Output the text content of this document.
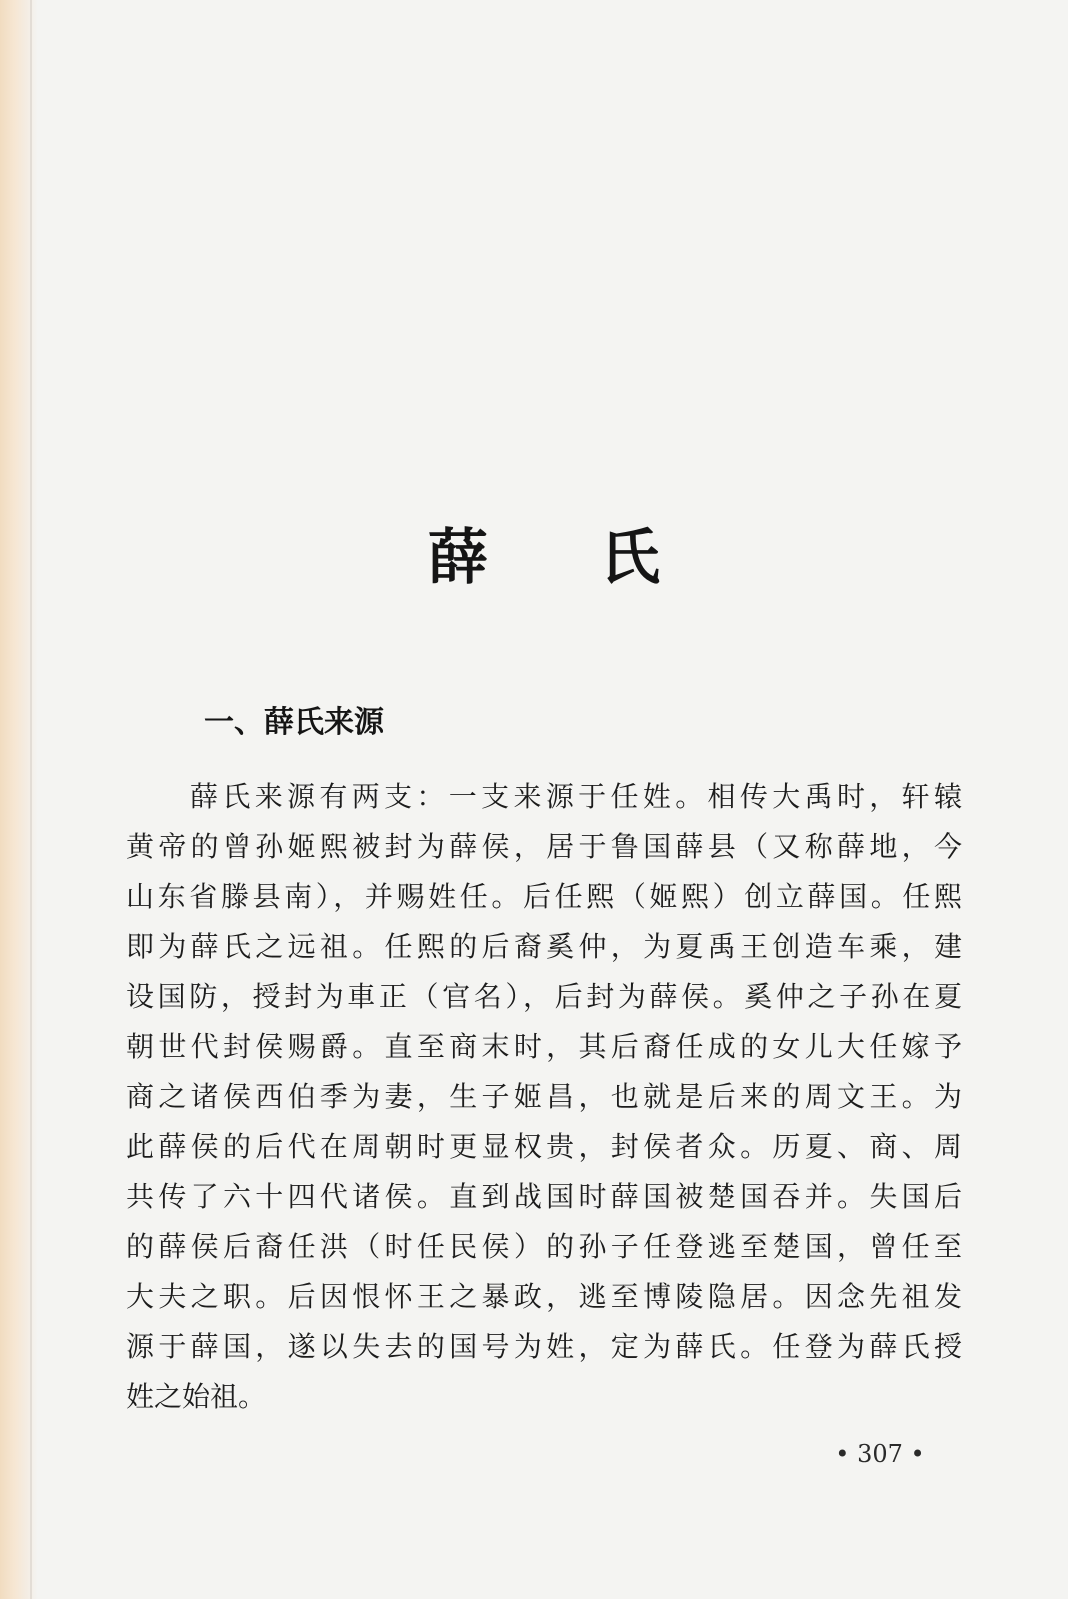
薛 氏
一、薛氏来源
薛氏来源有两支：一支来源于任姓。相传大禹时，轩辕
黄帝的曾孙姬熙被封为薛侯，居于鲁国薛县（又称薛地，今
山东省滕县南），并赐姓任。后任熙（姬熙）创立薛国。任熙
即为薛氏之远祖。任熙的后裔奚仲，为夏禹王创造车乘，建
设国防，授封为車正（官名），后封为薛侯。奚仲之子孙在夏
朝世代封侯赐爵。直至商末时，其后裔任成的女儿大任嫁予
商之诸侯西伯季为妻，生子姬昌，也就是后来的周文王。为
此薛侯的后代在周朝时更显权贵，封侯者众。历夏、商、周
共传了六十四代诸侯。直到战国时薛国被楚国吞并。失国后
的薛侯后裔任洪（时任民侯）的孙子任登逃至楚国，曾任至
大夫之职。后因恨怀王之暴政，逃至博陵隐居。因念先祖发
源于薛国，遂以失去的国号为姓，定为薛氏。任登为薛氏授
姓之始祖。
• 307 •
